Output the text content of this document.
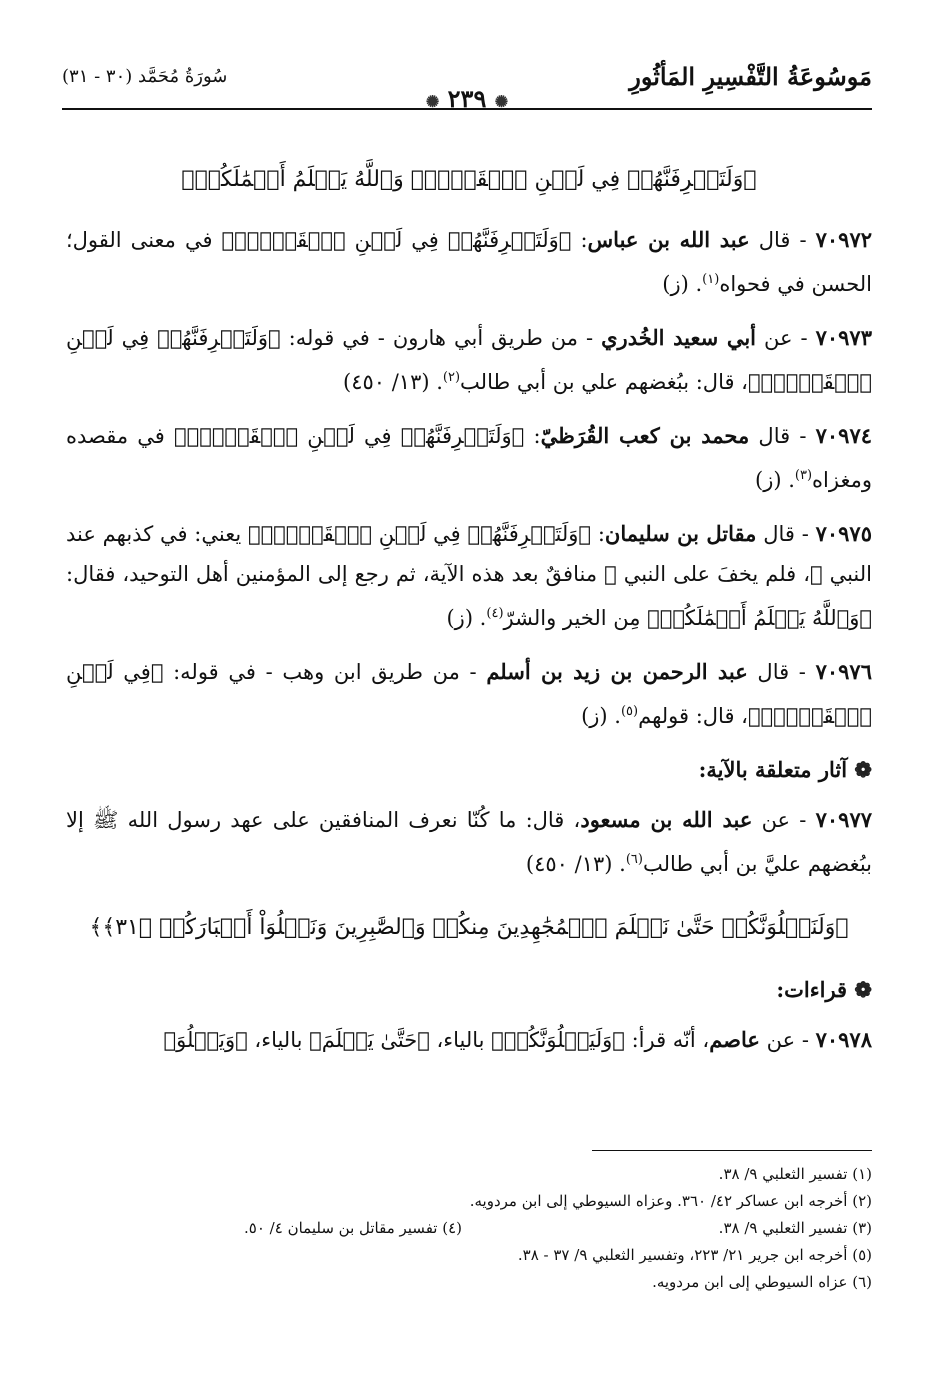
مَوسُوعَةُ التَّفْسِيرِ المَأثُورِ
✺ ٢٣٩ ✺
سُورَةُ مُحَمَّد (٣٠ - ٣١)
﴿وَلَتَعۡرِفَنَّهُمۡ فِي لَحۡنِ ٱلۡقَوۡلِۚ وَٱللَّهُ يَعۡلَمُ أَعۡمَٰلَكُمۡ﴾

٧٠٩٧٢ - قال عبد الله بن عباس: ﴿وَلَتَعۡرِفَنَّهُمۡ فِي لَحۡنِ ٱلۡقَوۡلِۚ﴾ في معنى القول؛ الحسن في فحواه$^{(١)}$. (ز)

٧٠٩٧٣ - عن أبي سعيد الخُدري - من طريق أبي هارون - في قوله: ﴿وَلَتَعۡرِفَنَّهُمۡ فِي لَحۡنِ ٱلۡقَوۡلِۚ﴾، قال: ببُغضهم علي بن أبي طالب$^{(٢)}$. (١٣/ ٤٥٠)

٧٠٩٧٤ - قال محمد بن كعب القُرَظيّ: ﴿وَلَتَعۡرِفَنَّهُمۡ فِي لَحۡنِ ٱلۡقَوۡلِۚ﴾ في مقصده ومغزاه$^{(٣)}$. (ز)

٧٠٩٧٥ - قال مقاتل بن سليمان: ﴿وَلَتَعۡرِفَنَّهُمۡ فِي لَحۡنِ ٱلۡقَوۡلِۚ﴾ يعني: في كذبهم عند النبي ﷺ، فلم يخفَ على النبي ﷺ منافقٌ بعد هذه الآية، ثم رجع إلى المؤمنين أهل التوحيد، فقال: ﴿وَٱللَّهُ يَعۡلَمُ أَعۡمَٰلَكُمۡ﴾ مِن الخير والشرّ$^{(٤)}$. (ز)

٧٠٩٧٦ - قال عبد الرحمن بن زيد بن أسلم - من طريق ابن وهب - في قوله: ﴿فِي لَحۡنِ ٱلۡقَوۡلِۚ﴾، قال: قولهم$^{(٥)}$. (ز)

❁ آثار متعلقة بالآية:

٧٠٩٧٧ - عن عبد الله بن مسعود، قال: ما كُنّا نعرف المنافقين على عهد رسول الله ﷺ إلا ببُغضهم عليَّ بن أبي طالب$^{(٦)}$. (١٣/ ٤٥٠)

﴿وَلَنَبۡلُوَنَّكُمۡ حَتَّىٰ نَعۡلَمَ ٱلۡمُجَٰهِدِينَ مِنكُمۡ وَٱلصَّٰبِرِينَ وَنَبۡلُوَاْ أَخۡبَارَكُمۡ ﴿٣١﴾﴾
❁ قراءات:

٧٠٩٧٨ - عن عاصم، أنّه قرأ: ﴿وَلَيَبۡلُوَنَّكُمۡ﴾ بالياء، ﴿حَتَّىٰ يَعۡلَمَ﴾ بالياء، ﴿وَيَبۡلُوَ﴾

(١) تفسير الثعلبي ٩/ ٣٨.
(٢) أخرجه ابن عساكر ٤٢/ ٣٦٠. وعزاه السيوطي إلى ابن مردويه.
(٣) تفسير الثعلبي ٩/ ٣٨.
(٤) تفسير مقاتل بن سليمان ٤/ ٥٠.
(٥) أخرجه ابن جرير ٢١/ ٢٢٣، وتفسير الثعلبي ٩/ ٣٧ - ٣٨.
(٦) عزاه السيوطي إلى ابن مردويه.
